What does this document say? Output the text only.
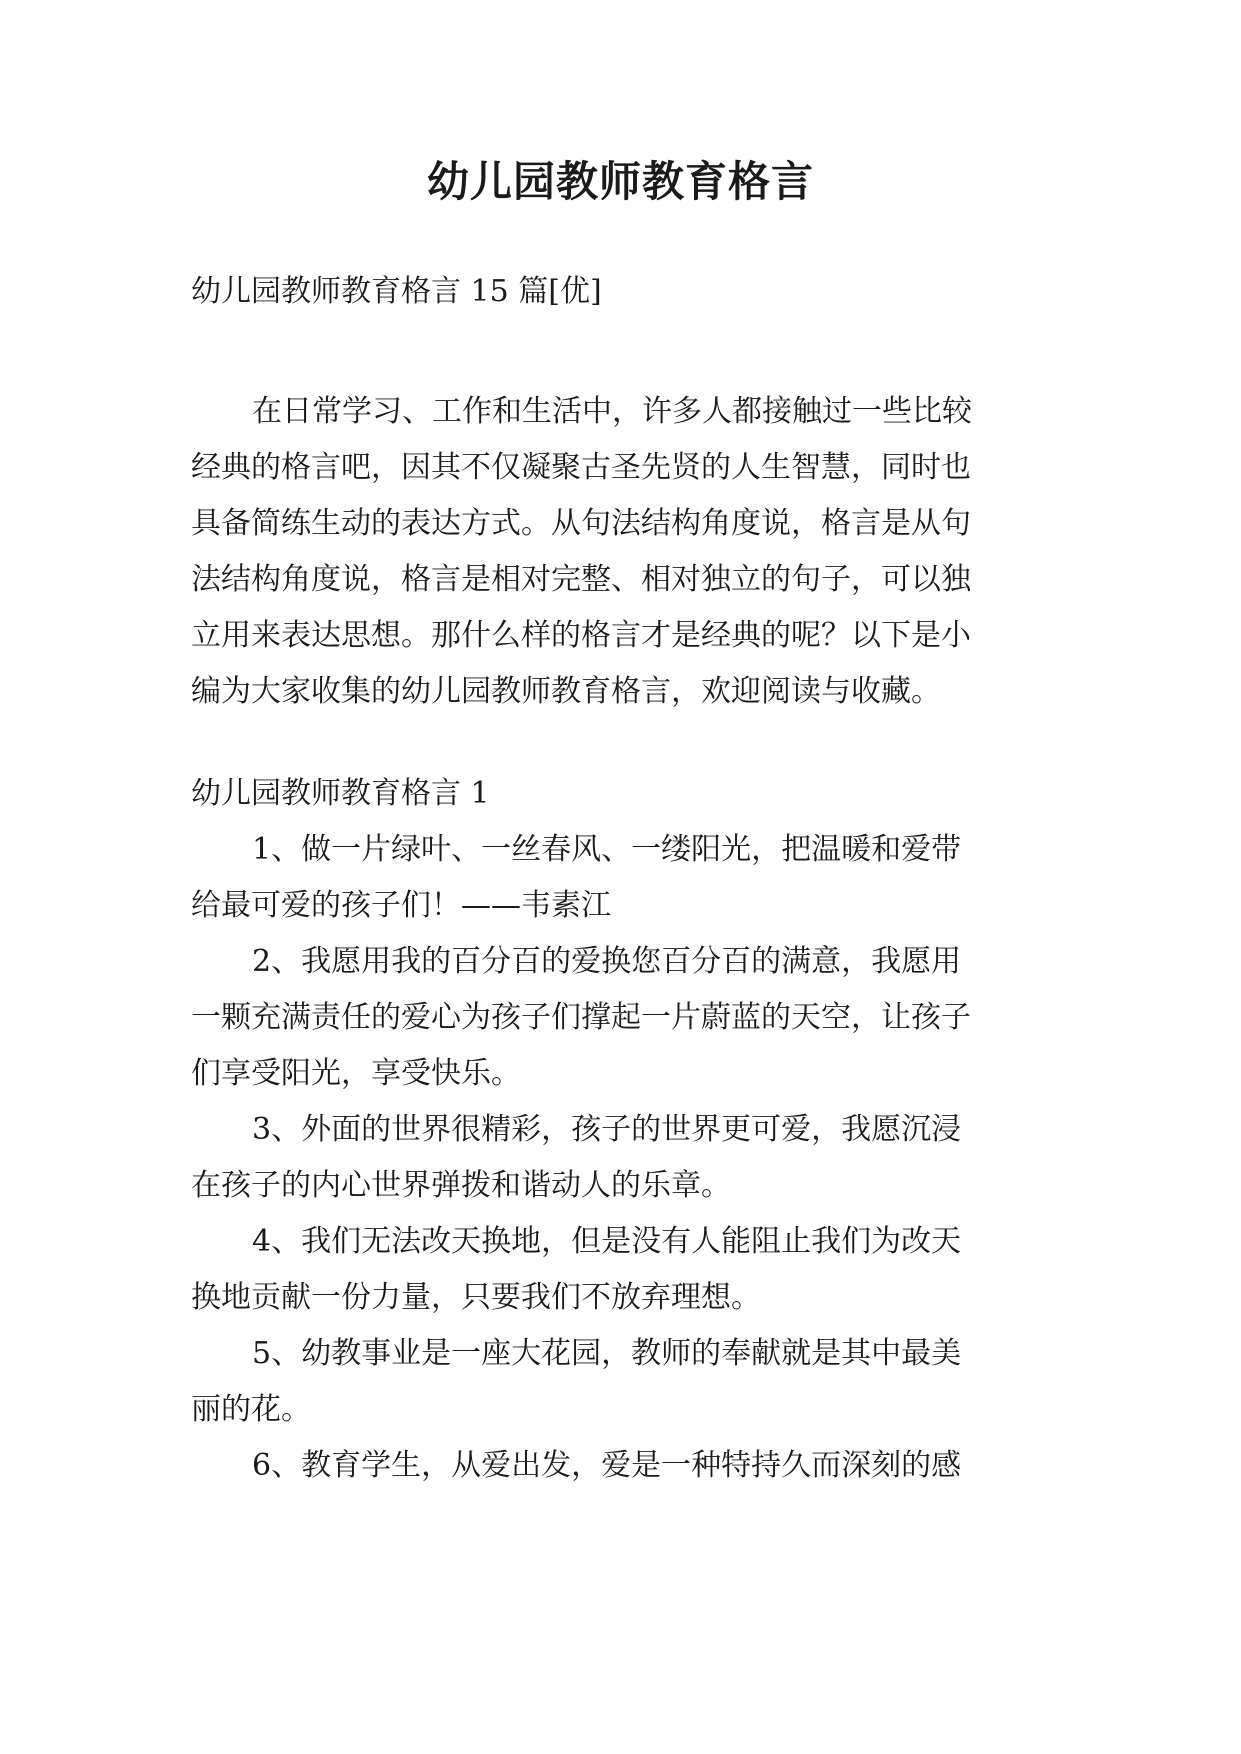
幼儿园教师教育格言
幼儿园教师教育格言 15 篇[优]
在日常学习、工作和生活中，许多人都接触过一些比较
经典的格言吧，因其不仅凝聚古圣先贤的人生智慧，同时也
具备简练生动的表达方式。从句法结构角度说，格言是从句
法结构角度说，格言是相对完整、相对独立的句子，可以独
立用来表达思想。那什么样的格言才是经典的呢？以下是小
编为大家收集的幼儿园教师教育格言，欢迎阅读与收藏。
幼儿园教师教育格言 1
1、做一片绿叶、一丝春风、一缕阳光，把温暖和爱带
给最可爱的孩子们！——韦素江
2、我愿用我的百分百的爱换您百分百的满意，我愿用
一颗充满责任的爱心为孩子们撑起一片蔚蓝的天空，让孩子
们享受阳光，享受快乐。
3、外面的世界很精彩，孩子的世界更可爱，我愿沉浸
在孩子的内心世界弹拨和谐动人的乐章。
4、我们无法改天换地，但是没有人能阻止我们为改天
换地贡献一份力量，只要我们不放弃理想。
5、幼教事业是一座大花园，教师的奉献就是其中最美
丽的花。
6、教育学生，从爱出发，爱是一种特持久而深刻的感
